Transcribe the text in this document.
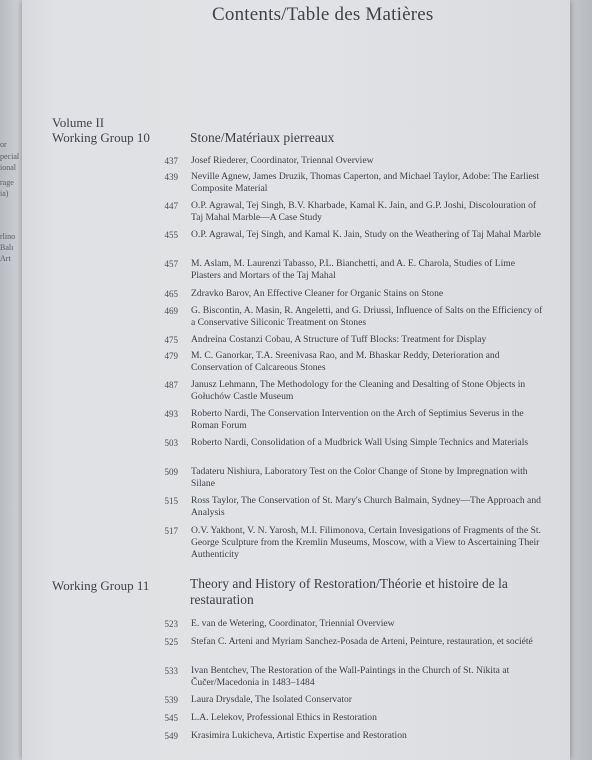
or
pecial
ional
rage
ia)
rlino
Balı
Art
Contents/Table des Matières
Volume II
Working Group 10	Stone/Matériaux pierreaux
437 Josef Riederer, Coordinator, Triennal Overview
439 Neville Agnew, James Druzik, Thomas Caperton, and Michael Taylor, Adobe: The Earliest Composite Material
447 O.P. Agrawal, Tej Singh, B.V. Kharbade, Kamal K. Jain, and G.P. Joshi, Discolouration of Taj Mahal Marble—A Case Study
455 O.P. Agrawal, Tej Singh, and Kamal K. Jain, Study on the Weathering of Taj Mahal Marble
457 M. Aslam, M. Laurenzi Tabasso, P.L. Bianchetti, and A. E. Charola, Studies of Lime Plasters and Mortars of the Taj Mahal
465 Zdravko Barov, An Effective Cleaner for Organic Stains on Stone
469 G. Biscontin, A. Masin, R. Angeletti, and G. Driussi, Influence of Salts on the Efficiency of a Conservative Siliconic Treatment on Stones
475 Andreina Costanzi Cobau, A Structure of Tuff Blocks: Treatment for Display
479 M. C. Ganorkar, T.A. Sreenivasa Rao, and M. Bhaskar Reddy, Deterioration and Conservation of Calcareous Stones
487 Janusz Lehmann, The Methodology for the Cleaning and Desalting of Stone Objects in Gołuchów Castle Museum
493 Roberto Nardi, The Conservation Intervention on the Arch of Septimius Severus in the Roman Forum
503 Roberto Nardi, Consolidation of a Mudbrick Wall Using Simple Technics and Materials
509 Tadateru Nishiura, Laboratory Test on the Color Change of Stone by Impregnation with Silane
515 Ross Taylor, The Conservation of St. Mary's Church Balmain, Sydney—The Approach and Analysis
517 O.V. Yakhont, V. N. Yarosh, M.I. Filimonova, Certain Invesigations of Fragments of the St. George Sculpture from the Kremlin Museums, Moscow, with a View to Ascertaining Their Authenticity
Working Group 11	Theory and History of Restoration/Théorie et histoire de la restauration
523 E. van de Wetering, Coordinator, Triennial Overview
525 Stefan C. Arteni and Myriam Sanchez-Posada de Arteni, Peinture, restauration, et société
533 Ivan Bentchev, The Restoration of the Wall-Paintings in the Church of St. Nikita at Čučer/Macedonia in 1483–1484
539 Laura Drysdale, The Isolated Conservator
545 L.A. Lelekov, Professional Ethics in Restoration
549 Krasimira Lukicheva, Artistic Expertise and Restoration
